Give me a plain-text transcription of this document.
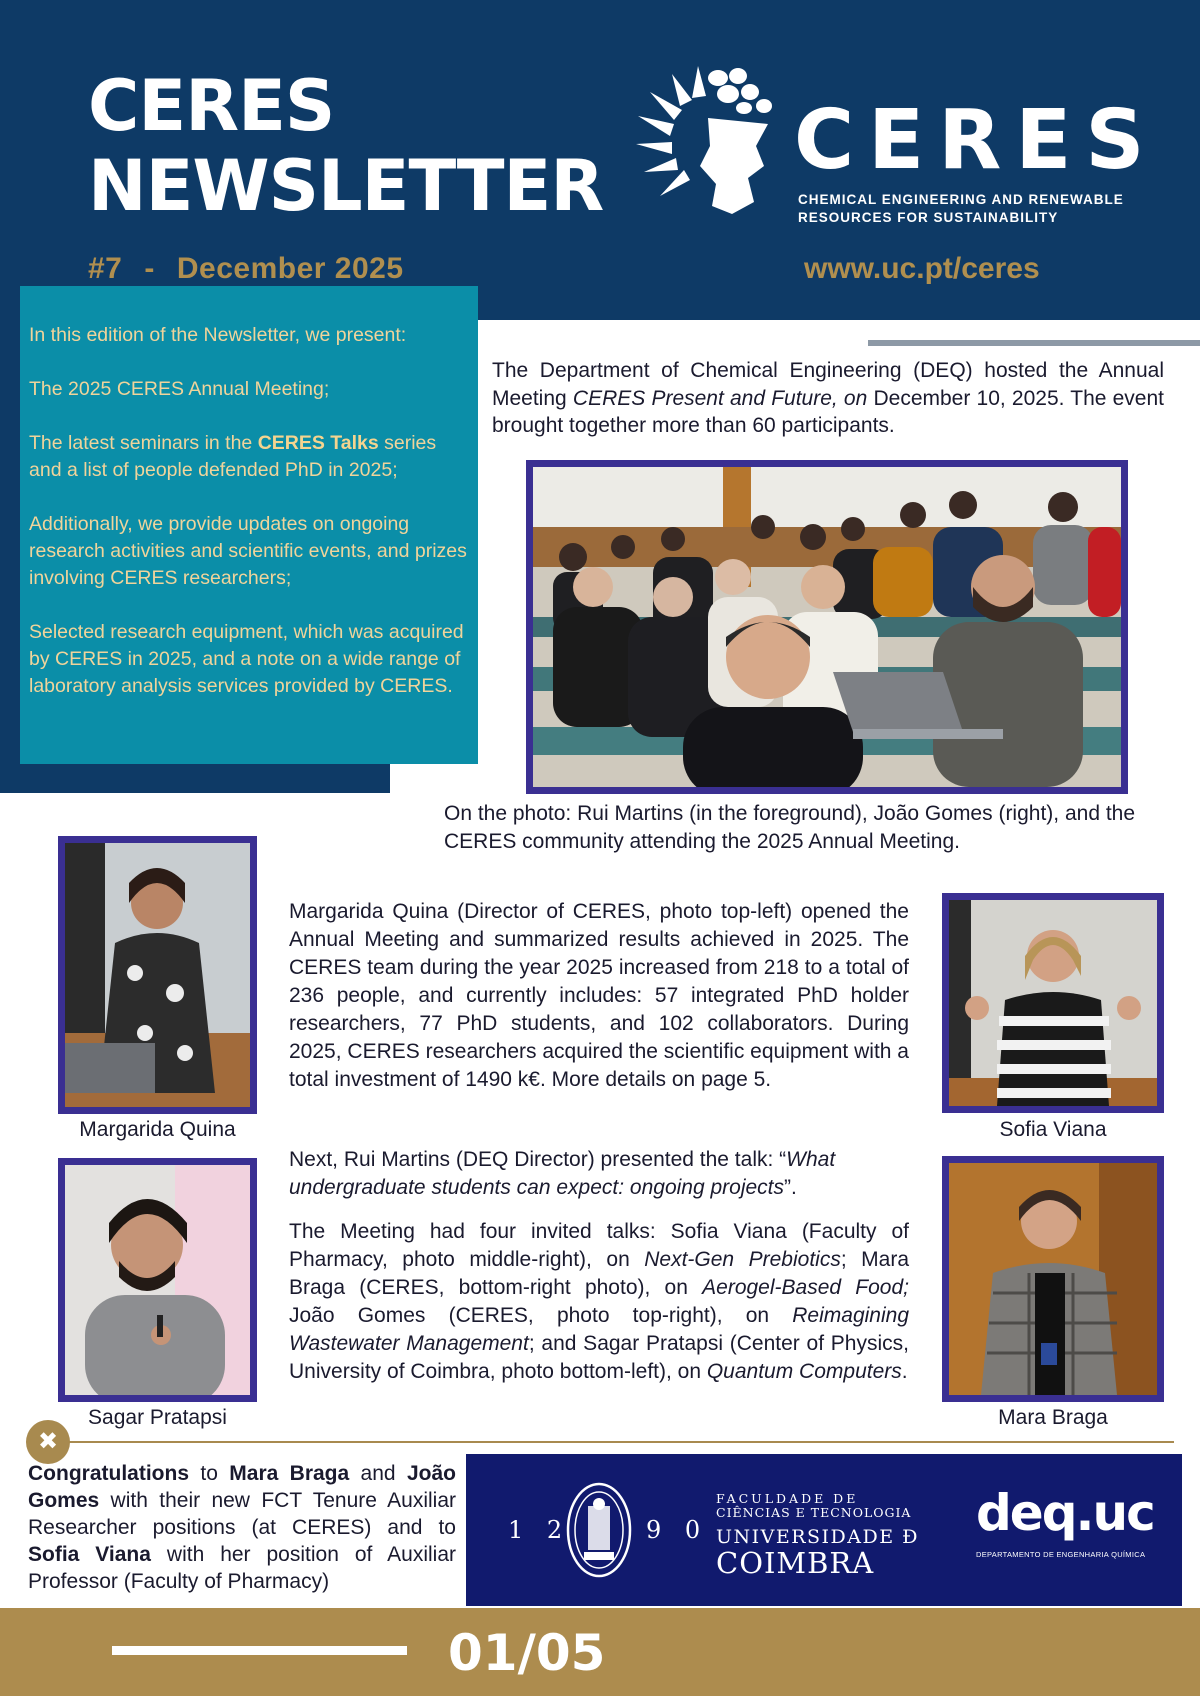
CERES
NEWSLETTER CERES
CHEMICAL ENGINEERING AND RENEWABLE
RESOURCES FOR SUSTAINABILITY
#7 - December 2025	www.uc.pt/ceres

In this edition of the Newsletter, we present:

The 2025 CERES Annual Meeting;

The latest seminars in the CERES Talks series and a list of people defended PhD in 2025;

Additionally, we provide updates on ongoing research activities and scientific events, and prizes involving CERES researchers;

Selected research equipment, which was acquired by CERES in 2025, and a note on a wide range of laboratory analysis services provided by CERES.

The Department of Chemical Engineering (DEQ) hosted the Annual Meeting CERES Present and Future, on December 10, 2025. The event brought together more than 60 participants.
On the photo: Rui Martins (in the foreground), João Gomes (right), and the CERES community attending the 2025 Annual Meeting.
Margarida Quina
Sagar Pratapsi
Sofia Viana
Mara Braga
Margarida Quina (Director of CERES, photo top-left) opened the Annual Meeting and summarized results achieved in 2025. The CERES team during the year 2025 increased from 218 to a total of 236 people, and currently includes: 57 integrated PhD holder researchers, 77 PhD students, and 102 collaborators. During 2025, CERES researchers acquired the scientific equipment with a total investment of 1490 k€. More details on page 5.
Next, Rui Martins (DEQ Director) presented the talk: “What undergraduate students can expect: ongoing projects”.
The Meeting had four invited talks: Sofia Viana (Faculty of Pharmacy, photo middle-right), on Next-Gen Prebiotics; Mara Braga (CERES, bottom-right photo), on Aerogel-Based Food; João Gomes (CERES, photo top-right), on Reimagining Wastewater Management; and Sagar Pratapsi (Center of Physics, University of Coimbra, photo bottom-left), on Quantum Computers.
✖
Congratulations to Mara Braga and João Gomes with their new FCT Tenure Auxiliar Researcher positions (at CERES) and to Sofia Viana with her position of Auxiliar Professor (Faculty of Pharmacy)
1 2	9 0
FACULDADE DE
CIÊNCIAS E TECNOLOGIA
UNIVERSIDADE Ð
COIMBRA
deq.uc
DEPARTAMENTO DE ENGENHARIA QUÍMICA
01/05
